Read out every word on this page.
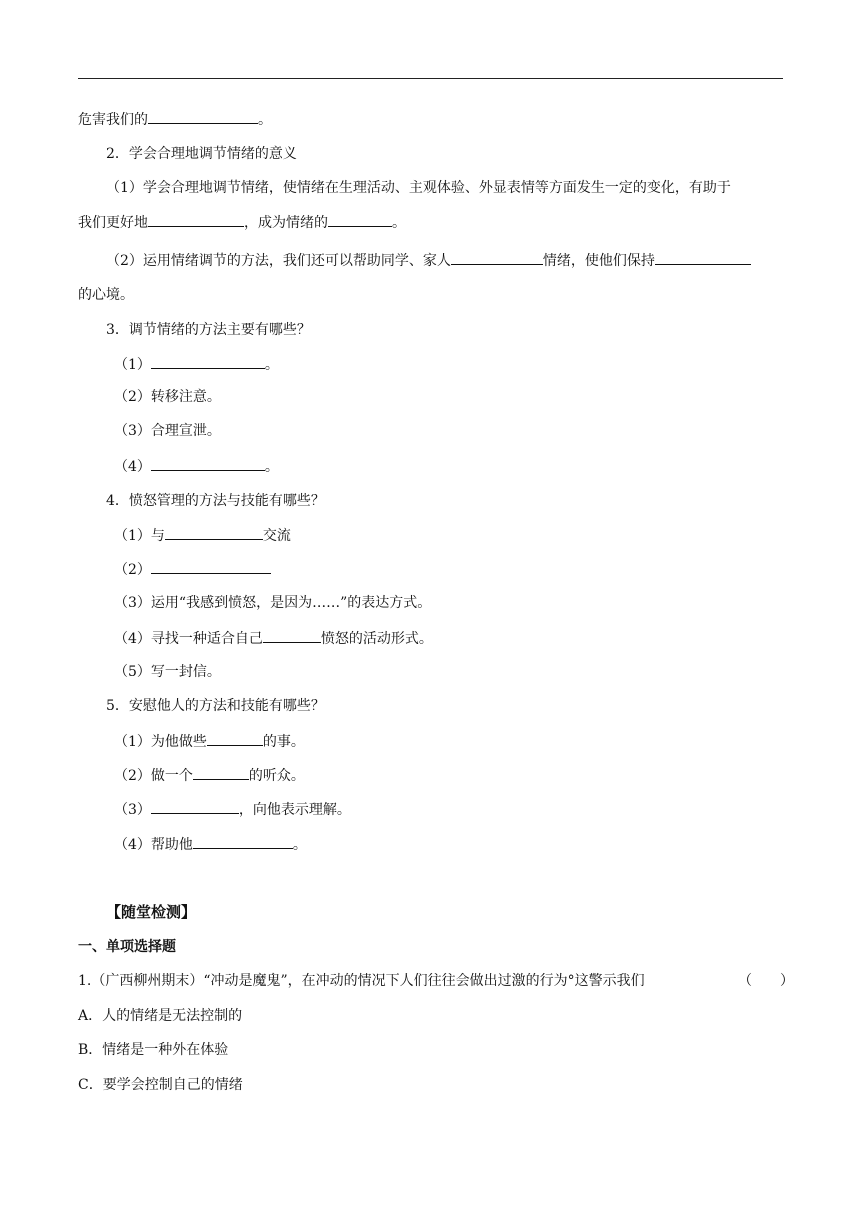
危害我们的	。
2．学会合理地调节情绪的意义
（1）学会合理地调节情绪，使情绪在生理活动、主观体验、外显表情等方面发生一定的变化，有助于
我们更好地	，成为情绪的	。
（2）运用情绪调节的方法，我们还可以帮助同学、家人	情绪，使他们保持
的心境。
3．调节情绪的方法主要有哪些？
（1）	。
（2）转移注意。
（3）合理宣泄。
（4）	。
4．愤怒管理的方法与技能有哪些？
（1）与	交流
（2）
（3）运用“我感到愤怒，是因为……”的表达方式。
（4）寻找一种适合自己	愤怒的活动形式。
（5）写一封信。
5．安慰他人的方法和技能有哪些？
（1）为他做些	的事。
（2）做一个	的听众。
（3）	，向他表示理解。
（4）帮助他	。
【随堂检测】
一、单项选择题
1.（广西柳州期末）“冲动是魔鬼”，在冲动的情况下人们往往会做出过激的行为°这警示我们	（　　）
A．人的情绪是无法控制的
B．情绪是一种外在体验
C．要学会控制自己的情绪
